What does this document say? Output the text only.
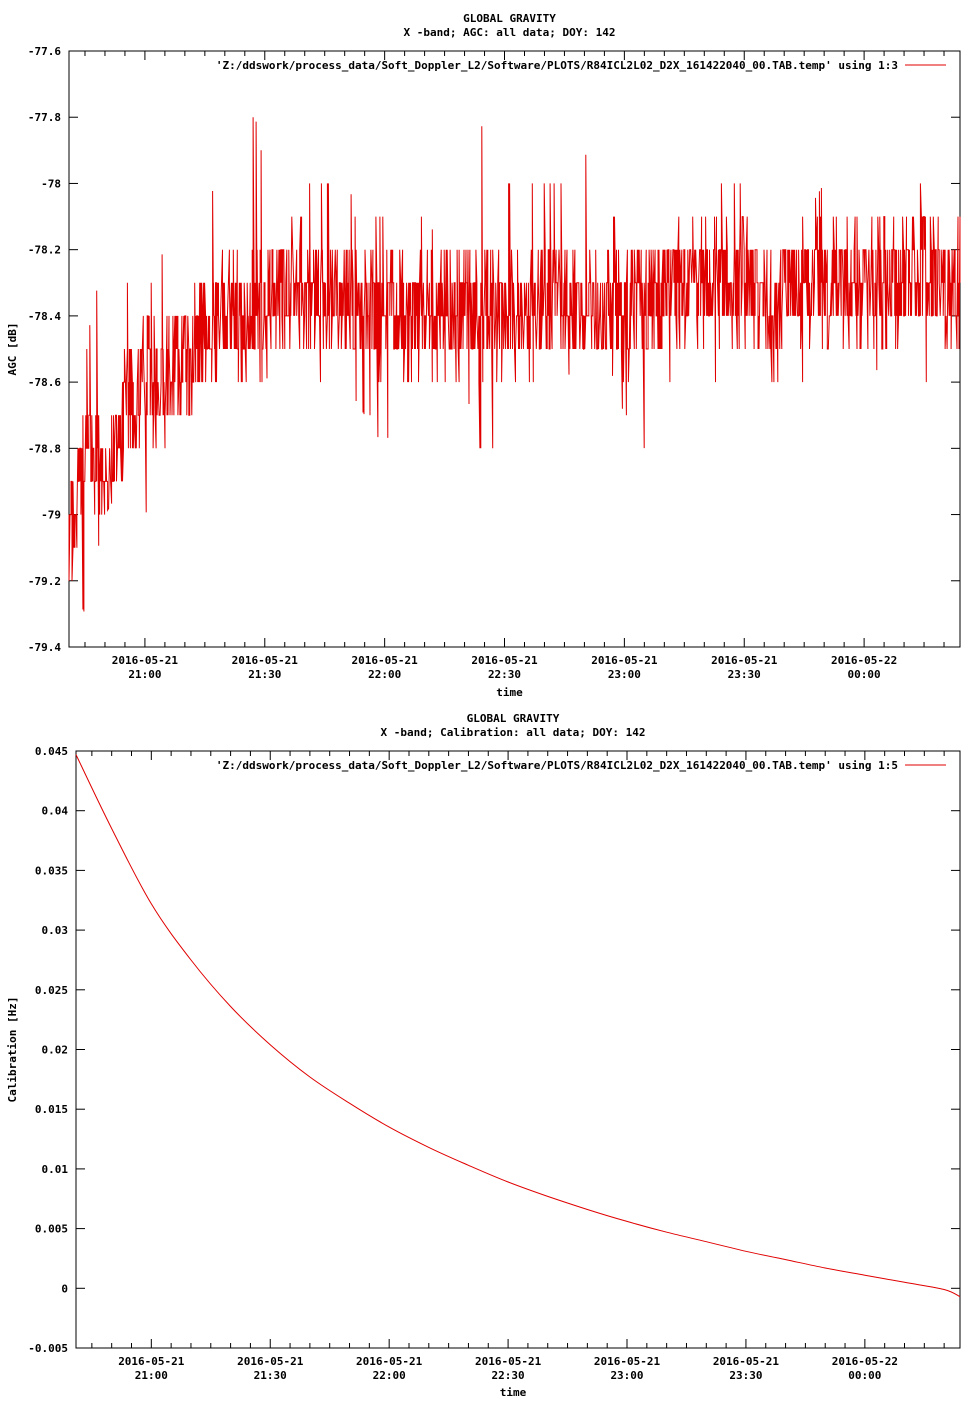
GLOBAL GRAVITY
X -band; AGC: all data; DOY: 142
-77.6
-77.8
-78
-78.2
-78.4
-78.6
-78.8
-79
-79.2
-79.4
2016-05-21
21:00
2016-05-21
21:30
2016-05-21
22:00
2016-05-21
22:30
2016-05-21
23:00
2016-05-21
23:30
2016-05-22
00:00
time
AGC [dB]
'Z:/ddswork/process_data/Soft_Doppler_L2/Software/PLOTS/R84ICL2L02_D2X_161422040_00.TAB.temp' using 1:3
GLOBAL GRAVITY
X -band; Calibration: all data; DOY: 142
0.045
0.04
0.035
0.03
0.025
0.02
0.015
0.01
0.005
0
-0.005
2016-05-21
21:00
2016-05-21
21:30
2016-05-21
22:00
2016-05-21
22:30
2016-05-21
23:00
2016-05-21
23:30
2016-05-22
00:00
time
Calibration [Hz]
'Z:/ddswork/process_data/Soft_Doppler_L2/Software/PLOTS/R84ICL2L02_D2X_161422040_00.TAB.temp' using 1:5
